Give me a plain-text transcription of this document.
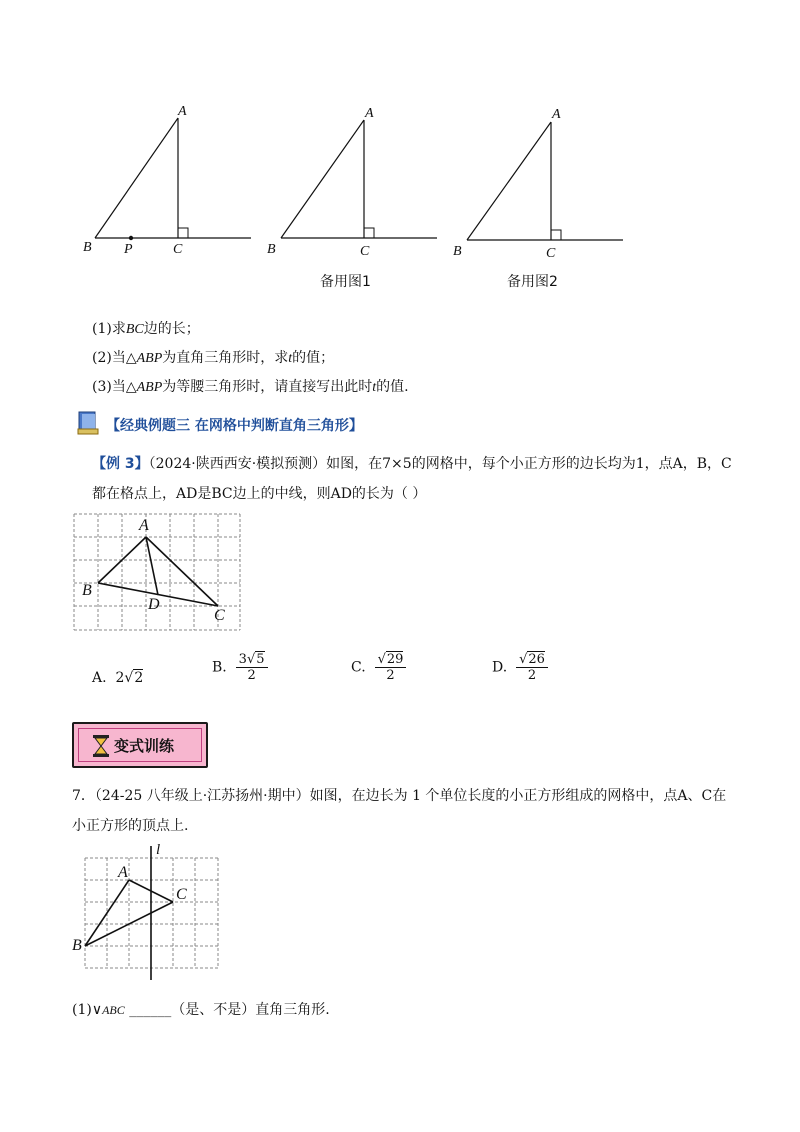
A
B P	C
A
B	C
备用图1
A
B	C
备用图2
(1)求BC边的长；
(2)当△ABP为直角三角形时，求t的值；
(3)当△ABP为等腰三角形时，请直接写出此时t的值.
【经典例题三 在网格中判断直角三角形】
【例 3】（2024·陕西西安·模拟预测）如图，在7×5的网格中，每个小正方形的边长均为1，点A，B，C
都在格点上，AD是BC边上的中线，则AD的长为（ ）
A
B
D
C
A. 2√2
B. $\frac{3√5}{2}$	C. $\frac{√29}{2}$	D. $\frac{√26}{2}$
变式训练
7．（24-25 八年级上·江苏扬州·期中）如图，在边长为 1 个单位长度的小正方形组成的网格中，点A、C在
小正方形的顶点上.
l
A
C
B
(1)∨ABC ______（是、不是）直角三角形.
